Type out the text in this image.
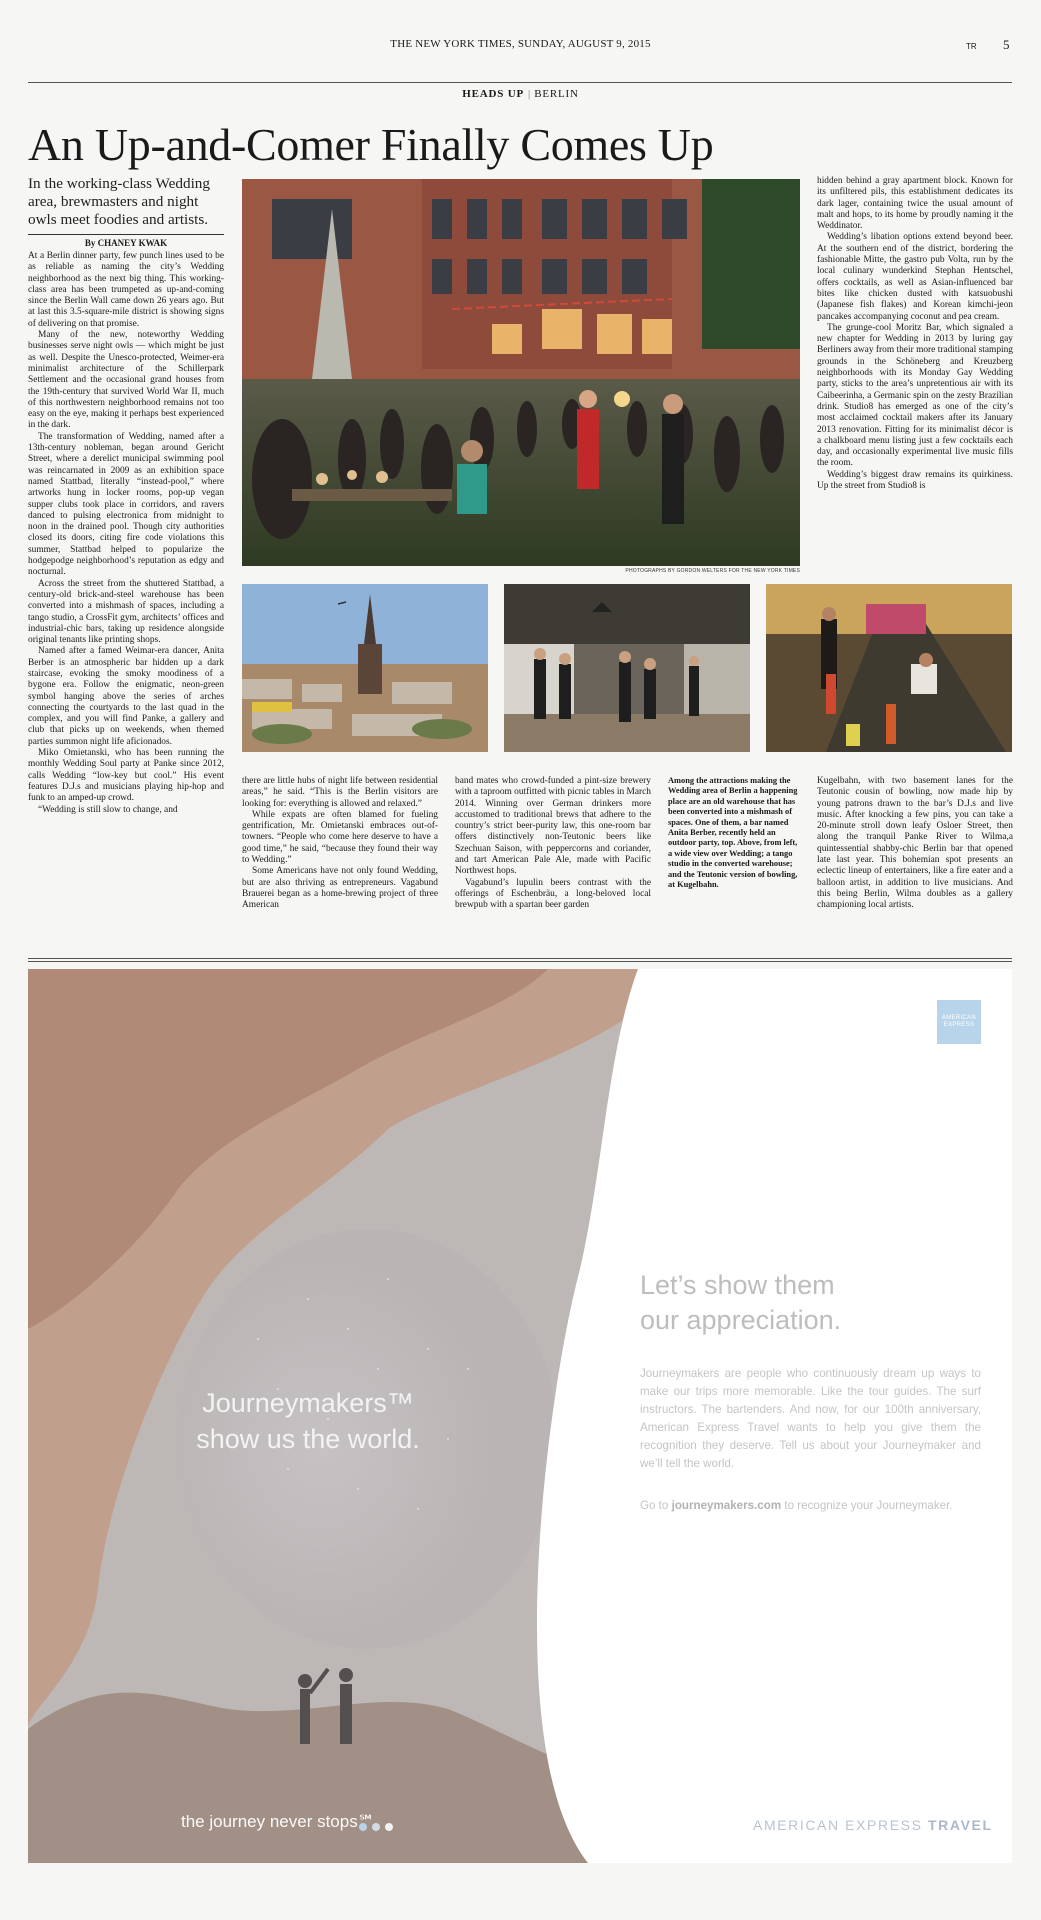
THE NEW YORK TIMES, SUNDAY, AUGUST 9, 2015	TR 5
HEADS UP | BERLIN
An Up-and-Comer Finally Comes Up
In the working-class Wedding area, brewmasters and night owls meet foodies and artists.
By CHANEY KWAK

At a Berlin dinner party, few punch lines used to be as reliable as naming the city’s Wedding neighborhood as the next big thing. This working-class area has been trumpeted as up-and-coming since the Berlin Wall came down 26 years ago. But at last this 3.5-square-mile district is showing signs of delivering on that promise.

Many of the new, noteworthy Wedding businesses serve night owls — which might be just as well. Despite the Unesco-protected, Weimer-era minimalist architecture of the Schillerpark Settlement and the occasional grand houses from the 19th-century that survived World War II, much of this northwestern neighborhood remains not too easy on the eye, making it perhaps best experienced in the dark.

The transformation of Wedding, named after a 13th-century nobleman, began around Gericht Street, where a derelict municipal swimming pool was reincarnated in 2009 as an exhibition space named Stattbad, literally “instead-pool,” where artworks hung in locker rooms, pop-up vegan supper clubs took place in corridors, and ravers danced to pulsing electronica from midnight to noon in the drained pool. Though city authorities closed its doors, citing fire code violations this summer, Stattbad helped to popularize the hodgepodge neighborhood’s reputation as edgy and nocturnal.

Across the street from the shuttered Stattbad, a century-old brick-and-steel warehouse has been converted into a mishmash of spaces, including a tango studio, a CrossFit gym, architects’ offices and industrial-chic bars, taking up residence alongside original tenants like printing shops.

Named after a famed Weimar-era dancer, Anita Berber is an atmospheric bar hidden up a dark staircase, evoking the smoky moodiness of a bygone era. Follow the enigmatic, neon-green symbol hanging above the series of arches connecting the courtyards to the last quad in the complex, and you will find Panke, a gallery and club that picks up on weekends, when themed parties summon night life aficionados.

Miko Omietanski, who has been running the monthly Wedding Soul party at Panke since 2012, calls Wedding “low-key but cool.” His event features D.J.s and musicians playing hip-hop and funk to an amped-up crowd.

“Wedding is still slow to change, and

PHOTOGRAPHS BY GORDON WELTERS FOR THE NEW YORK TIMES

hidden behind a gray apartment block. Known for its unfiltered pils, this establishment dedicates its dark lager, containing twice the usual amount of malt and hops, to its home by proudly naming it the Weddinator.

Wedding’s libation options extend beyond beer. At the southern end of the district, bordering the fashionable Mitte, the gastro pub Volta, run by the local culinary wunderkind Stephan Hentschel, offers cocktails, as well as Asian-influenced bar bites like chicken dusted with katsuobushi (Japanese fish flakes) and Korean kimchi-jeon pancakes accompanying coconut and pea cream.

The grunge-cool Moritz Bar, which signaled a new chapter for Wedding in 2013 by luring gay Berliners away from their more traditional stamping grounds in the Schöneberg and Kreuzberg neighborhoods with its Monday Gay Wedding party, sticks to the area’s unpretentious air with its Caibeerinha, a Germanic spin on the zesty Brazilian drink. Studio8 has emerged as one of the city’s most acclaimed cocktail makers after its January 2013 renovation. Fitting for its minimalist décor is a chalkboard menu listing just a few cocktails each day, and occasionally experimental live music fills the room.

Wedding’s biggest draw remains its quirkiness. Up the street from Studio8 is

there are little hubs of night life between residential areas,” he said. “This is the Berlin visitors are looking for: everything is allowed and relaxed.”

While expats are often blamed for fueling gentrification, Mr. Omietanski embraces out-of-towners. “People who come here deserve to have a good time,” he said, “because they found their way to Wedding.”

Some Americans have not only found Wedding, but are also thriving as entrepreneurs. Vagabund Brauerei began as a home-brewing project of three American

band mates who crowd-funded a pint-size brewery with a taproom outfitted with picnic tables in March 2014. Winning over German drinkers more accustomed to traditional brews that adhere to the country’s strict beer-purity law, this one-room bar offers distinctively non-Teutonic beers like Szechuan Saison, with peppercorns and coriander, and tart American Pale Ale, made with Pacific Northwest hops.

Vagabund’s lupulin beers contrast with the offerings of Eschenbräu, a long-beloved local brewpub with a spartan beer garden

Among the attractions making the Wedding area of Berlin a happening place are an old warehouse that has been converted into a mishmash of spaces. One of them, a bar named Anita Berber, recently held an outdoor party, top. Above, from left, a wide view over Wedding; a tango studio in the converted warehouse; and the Teutonic version of bowling, at Kugelbahn.

Kugelbahn, with two basement lanes for the Teutonic cousin of bowling, now made hip by young patrons drawn to the bar’s D.J.s and live music. After knocking a few pins, you can take a 20-minute stroll down leafy Osloer Street, then along the tranquil Panke River to Wilma,a quintessential shabby-chic Berlin bar that opened late last year. This bohemian spot presents an eclectic lineup of entertainers, like a fire eater and a balloon artist, in addition to live musicians. And this being Berlin, Wilma doubles as a gallery championing local artists.

Journeymakers™
show us the world.
the journey never stops℠
AMERICAN
EXPRESS
Let’s show them
our appreciation.
Journeymakers are people who continuously dream up ways to make our trips more memorable. Like the tour guides. The surf instructors. The bartenders. And now, for our 100th anniversary, American Express Travel wants to help you give them the recognition they deserve. Tell us about your Journeymaker and we’ll tell the world.
Go to journeymakers.com to recognize your Journeymaker.
AMERICAN EXPRESS TRAVEL
